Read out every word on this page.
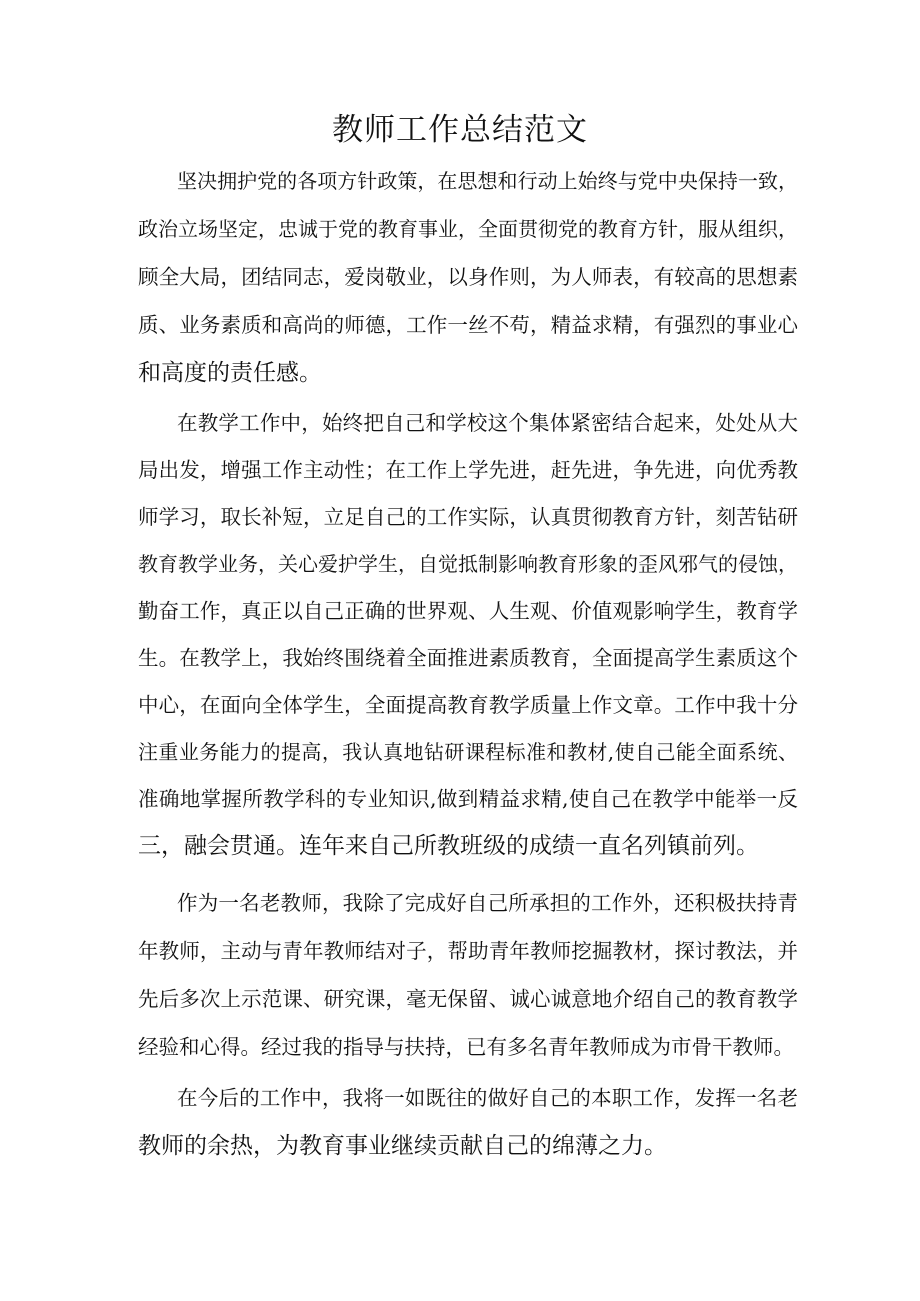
教师工作总结范文

坚决拥护党的各项方针政策，在思想和行动上始终与党中央保持一致，

政治立场坚定，忠诚于党的教育事业，全面贯彻党的教育方针，服从组织，

顾全大局，团结同志，爱岗敬业，以身作则，为人师表，有较高的思想素

质、业务素质和高尚的师德，工作一丝不苟，精益求精，有强烈的事业心

和高度的责任感。

在教学工作中，始终把自己和学校这个集体紧密结合起来，处处从大

局出发，增强工作主动性；在工作上学先进，赶先进，争先进，向优秀教

师学习，取长补短，立足自己的工作实际，认真贯彻教育方针，刻苦钻研

教育教学业务，关心爱护学生，自觉抵制影响教育形象的歪风邪气的侵蚀，

勤奋工作，真正以自己正确的世界观、人生观、价值观影响学生，教育学

生。在教学上，我始终围绕着全面推进素质教育，全面提高学生素质这个

中心，在面向全体学生，全面提高教育教学质量上作文章。工作中我十分

注重业务能力的提高，我认真地钻研课程标准和教材,使自己能全面系统、

准确地掌握所教学科的专业知识,做到精益求精,使自己在教学中能举一反

三，融会贯通。连年来自己所教班级的成绩一直名列镇前列。

作为一名老教师，我除了完成好自己所承担的工作外，还积极扶持青

年教师，主动与青年教师结对子，帮助青年教师挖掘教材，探讨教法，并

先后多次上示范课、研究课，毫无保留、诚心诚意地介绍自己的教育教学

经验和心得。经过我的指导与扶持，已有多名青年教师成为市骨干教师。

在今后的工作中，我将一如既往的做好自己的本职工作，发挥一名老

教师的余热，为教育事业继续贡献自己的绵薄之力。
